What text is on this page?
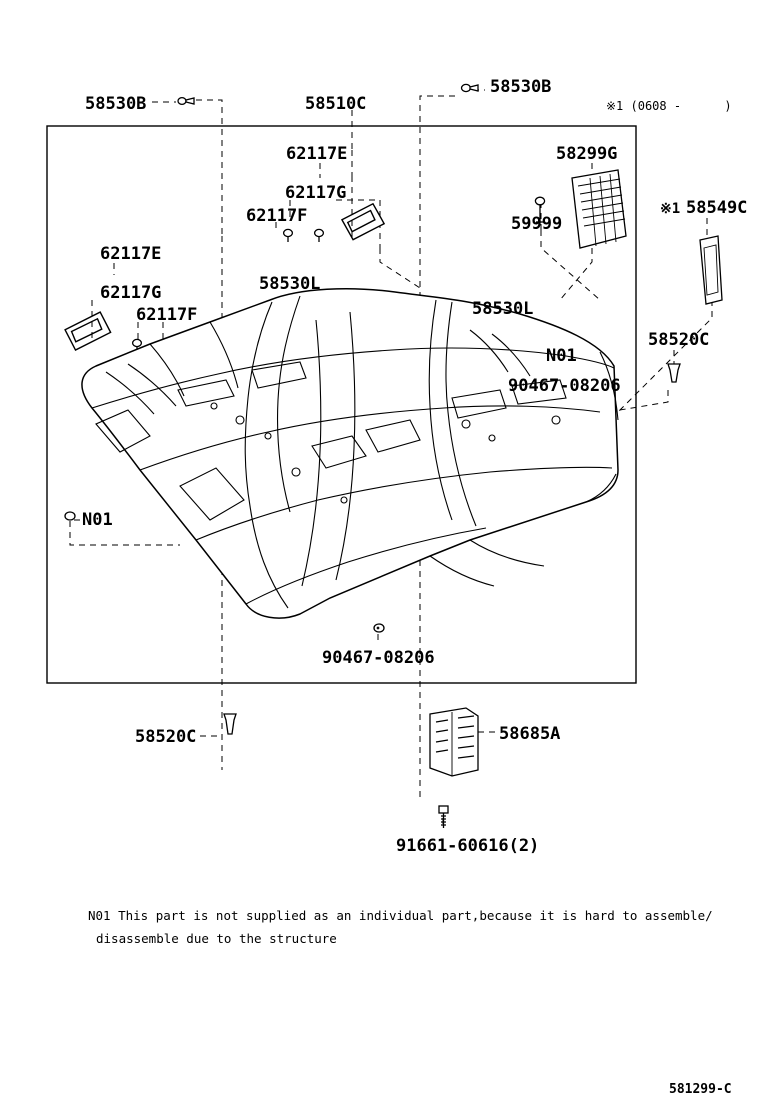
58530B	58510C
58530B
62117E
62117G
62117F
58299G
※1 58549C
59999
62117E
62117G
62117F
58530L
58530L
N01
58520C
90467-08206
N01
90467-08206
58520C	58685A
91661-60616(2)
※1 (0608 -      )
N01 This part is not supplied as an individual part,because it is hard to assemble/
disassemble due to the structure
581299-C
